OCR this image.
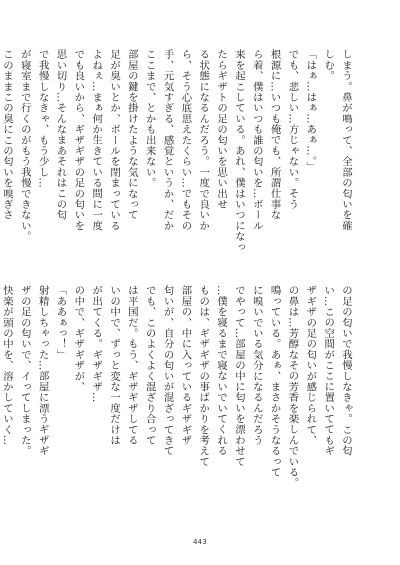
しまう。鼻が鳴って、全部の匂いを確
しむ。
「はぁ…はぁ…あぁ…。」
でも、悲しい…方じゃない。そう
根源に…いつも俺でも、所謂仕事な
ら着、僕はいつも誰の匂いを…ボール
来を起こしている。あれ、僕はいつになっ
たらギザトの足の匂いを思い出せ
る状態になるんだろう。一度で良いか
ら、そう心底思えたくらい…でもその
手、元気すぎる、感覚というか、だか
ここまで、とかも出来ない。
部屋の鍵を掛けたような気になって
足が臭いとか、ボールを閉まっている
よねぇ…まぁ何か生きている間に一度
でも良いから、ギザギザの足の匂いを
思い切り…そんなまあそれはこの匂
で我慢しなきゃ、もう少し…
が寝室まで行くのがもう我慢できない。
このままこの臭にこの匂いを嗅ぎさ

の足の匂いで我慢しなきゃ。この匂
い…この空間がここに置いててもギ
ザギザの足の匂いが感じられて、
の鼻は…芳醇なその芳香を楽しんでいる。
鳴っている。あぁ、まさかそうなるって
に嗅いでいる気分になるんだろう
でやって…部屋の中に匂いを漂わせて
…僕を寝るまで寝ないでいてくれる
ものは、ギザギザの事ばかりを考えて
部屋の、中に入っているギザギザ
匂いが、自分の匂いが混ざってきて
でも、このよくよく混ざり合って
は平国だ。もう、ギザギザしてる
いの中で、ずっと変な一度だけは
が出てくる。ギザギザ…
の中で、ギザギザが、
「ああぁっ！」
射精しちゃった…部屋に漂うギザギ
ザの足の匂いで、イってしまった。
快楽が頭の中を、溶かしていく…
443
